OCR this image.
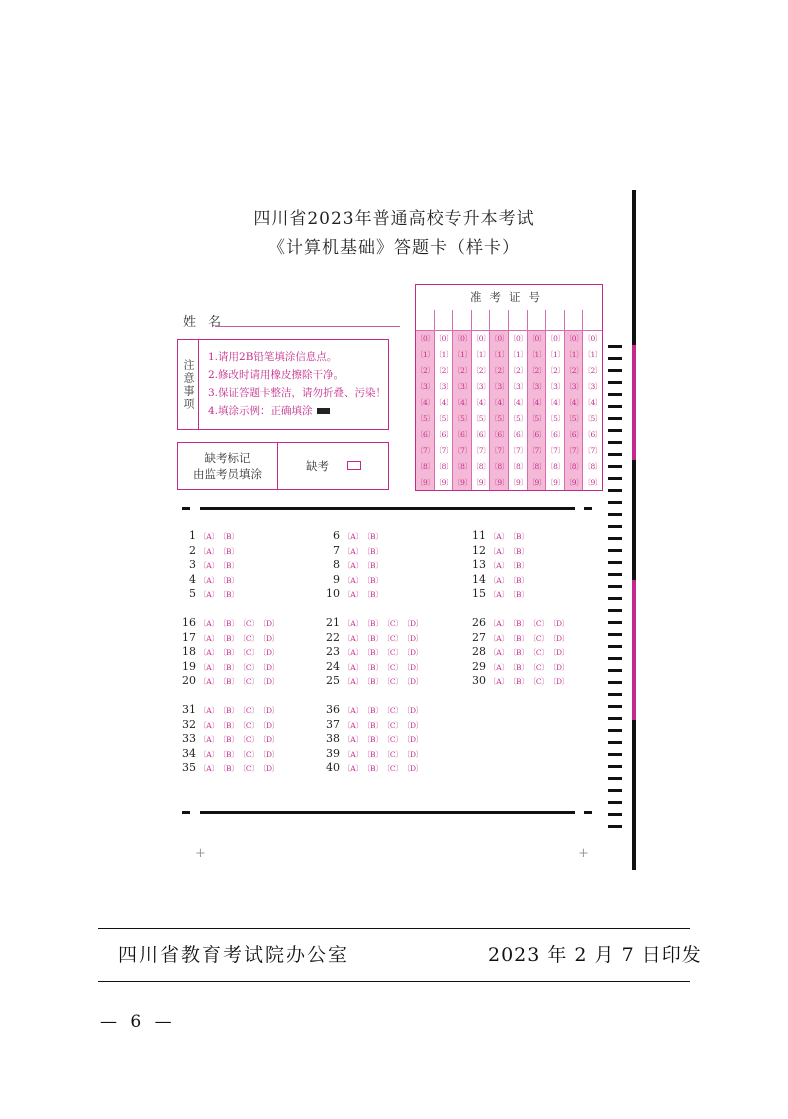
四川省2023年普通高校专升本考试
《计算机基础》答题卡（样卡）
姓 名
注意事项
1.请用2B铅笔填涂信息点。
2.修改时请用橡皮擦除干净。
3.保证答题卡整洁，请勿折叠、污染！
4.填涂示例：正确填涂
缺考标记
由监考员填涂
缺考
准考证号
〔0〕
〔1〕
〔2〕
〔3〕
〔4〕
〔5〕
〔6〕
〔7〕
〔8〕
〔9〕
〔0〕
〔1〕
〔2〕
〔3〕
〔4〕
〔5〕
〔6〕
〔7〕
〔8〕
〔9〕
〔0〕
〔1〕
〔2〕
〔3〕
〔4〕
〔5〕
〔6〕
〔7〕
〔8〕
〔9〕
〔0〕
〔1〕
〔2〕
〔3〕
〔4〕
〔5〕
〔6〕
〔7〕
〔8〕
〔9〕
〔0〕
〔1〕
〔2〕
〔3〕
〔4〕
〔5〕
〔6〕
〔7〕
〔8〕
〔9〕
〔0〕
〔1〕
〔2〕
〔3〕
〔4〕
〔5〕
〔6〕
〔7〕
〔8〕
〔9〕
〔0〕
〔1〕
〔2〕
〔3〕
〔4〕
〔5〕
〔6〕
〔7〕
〔8〕
〔9〕
〔0〕
〔1〕
〔2〕
〔3〕
〔4〕
〔5〕
〔6〕
〔7〕
〔8〕
〔9〕
〔0〕
〔1〕
〔2〕
〔3〕
〔4〕
〔5〕
〔6〕
〔7〕
〔8〕
〔9〕
〔0〕
〔1〕
〔2〕
〔3〕
〔4〕
〔5〕
〔6〕
〔7〕
〔8〕
〔9〕
1 〔A〕 〔B〕
2 〔A〕 〔B〕
3 〔A〕 〔B〕
4 〔A〕 〔B〕
5 〔A〕 〔B〕
6 〔A〕 〔B〕
7 〔A〕 〔B〕
8 〔A〕 〔B〕
9 〔A〕 〔B〕
10 〔A〕 〔B〕
11 〔A〕 〔B〕
12 〔A〕 〔B〕
13 〔A〕 〔B〕
14 〔A〕 〔B〕
15 〔A〕 〔B〕
16 〔A〕 〔B〕 〔C〕 〔D〕
17 〔A〕 〔B〕 〔C〕 〔D〕
18 〔A〕 〔B〕 〔C〕 〔D〕
19 〔A〕 〔B〕 〔C〕 〔D〕
20 〔A〕 〔B〕 〔C〕 〔D〕
21 〔A〕 〔B〕 〔C〕 〔D〕
22 〔A〕 〔B〕 〔C〕 〔D〕
23 〔A〕 〔B〕 〔C〕 〔D〕
24 〔A〕 〔B〕 〔C〕 〔D〕
25 〔A〕 〔B〕 〔C〕 〔D〕
26 〔A〕 〔B〕 〔C〕 〔D〕
27 〔A〕 〔B〕 〔C〕 〔D〕
28 〔A〕 〔B〕 〔C〕 〔D〕
29 〔A〕 〔B〕 〔C〕 〔D〕
30 〔A〕 〔B〕 〔C〕 〔D〕
31 〔A〕 〔B〕 〔C〕 〔D〕
32 〔A〕 〔B〕 〔C〕 〔D〕
33 〔A〕 〔B〕 〔C〕 〔D〕
34 〔A〕 〔B〕 〔C〕 〔D〕
35 〔A〕 〔B〕 〔C〕 〔D〕
36 〔A〕 〔B〕 〔C〕 〔D〕
37 〔A〕 〔B〕 〔C〕 〔D〕
38 〔A〕 〔B〕 〔C〕 〔D〕
39 〔A〕 〔B〕 〔C〕 〔D〕
40 〔A〕 〔B〕 〔C〕 〔D〕
+	+
四川省教育考试院办公室	2023 年 2 月 7 日印发
— 6 —
